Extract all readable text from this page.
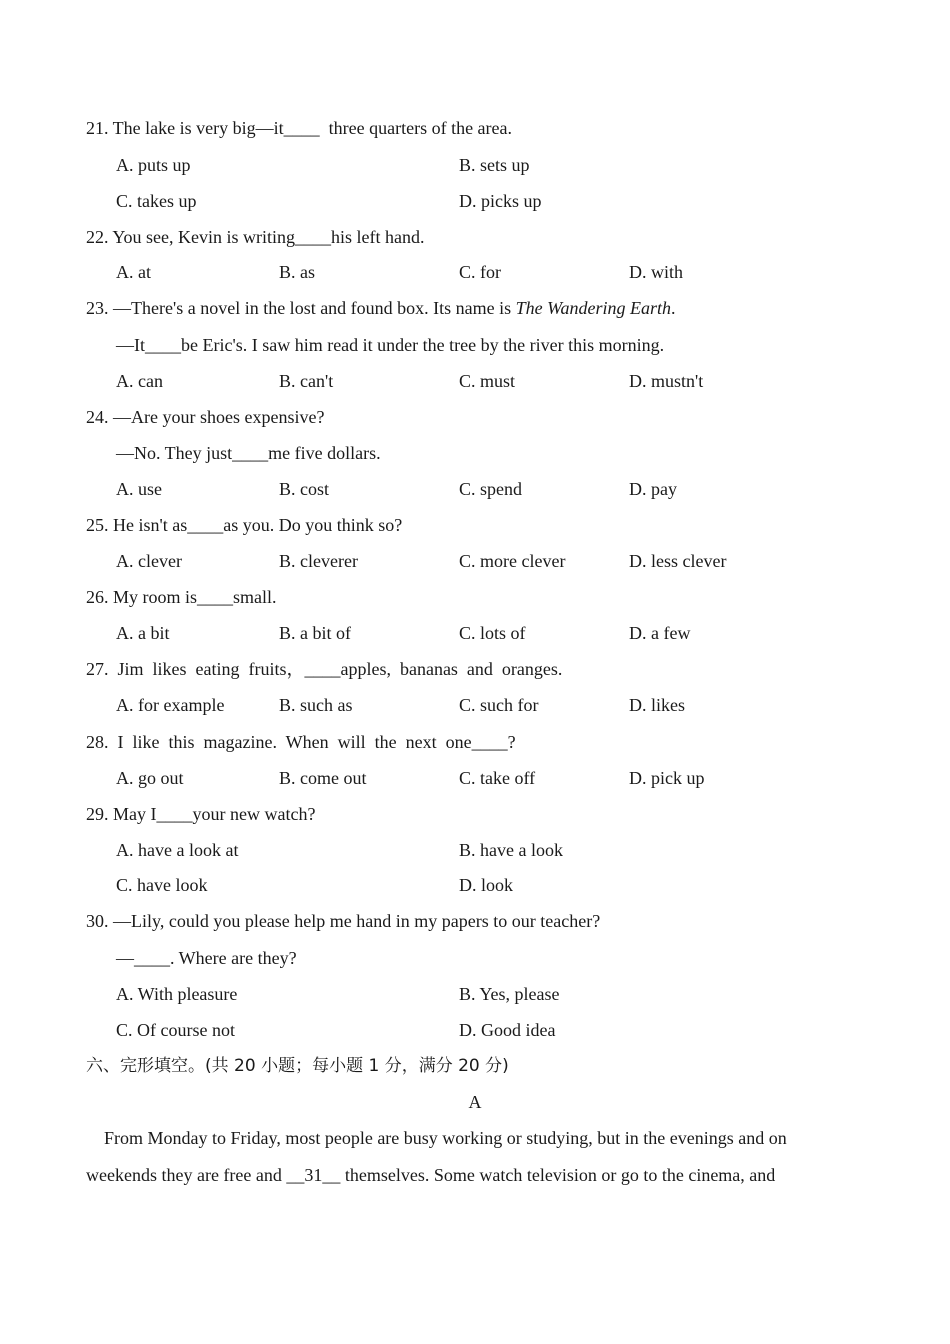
21. The lake is very big—it____  three quarters of the area.
A. puts up	B. sets up
C. takes up	D. picks up
22. You see, Kevin is writing____his left hand.
A. at	B. as	C. for	D. with
23. —There's a novel in the lost and found box. Its name is The Wandering Earth.
—It____be Eric's. I saw him read it under the tree by the river this morning.
A. can	B. can't	C. must	D. mustn't
24. —Are your shoes expensive?
—No. They just____me five dollars.
A. use	B. cost	C. spend	D. pay
25. He isn't as____as you. Do you think so?
A. clever	B. cleverer	C. more clever	D. less clever
26. My room is____small.
A. a bit	B. a bit of	C. lots of	D. a few
27.  Jim  likes  eating  fruits，____apples,  bananas  and  oranges.
A. for example	B. such as	C. such for	D. likes
28.  I  like  this  magazine.  When  will  the  next  one____?
A. go out	B. come out	C. take off	D. pick up
29. May I____your new watch?
A. have a look at	B. have a look
C. have look	D. look
30. —Lily, could you please help me hand in my papers to our teacher?
—____. Where are they?
A. With pleasure	B. Yes, please
C. Of course not	D. Good idea
六、完形填空。(共 20 小题；每小题 1 分，满分 20 分)
A
From Monday to Friday, most people are busy working or studying, but in the evenings and on
weekends they are free and __31__ themselves. Some watch television or go to the cinema, and
